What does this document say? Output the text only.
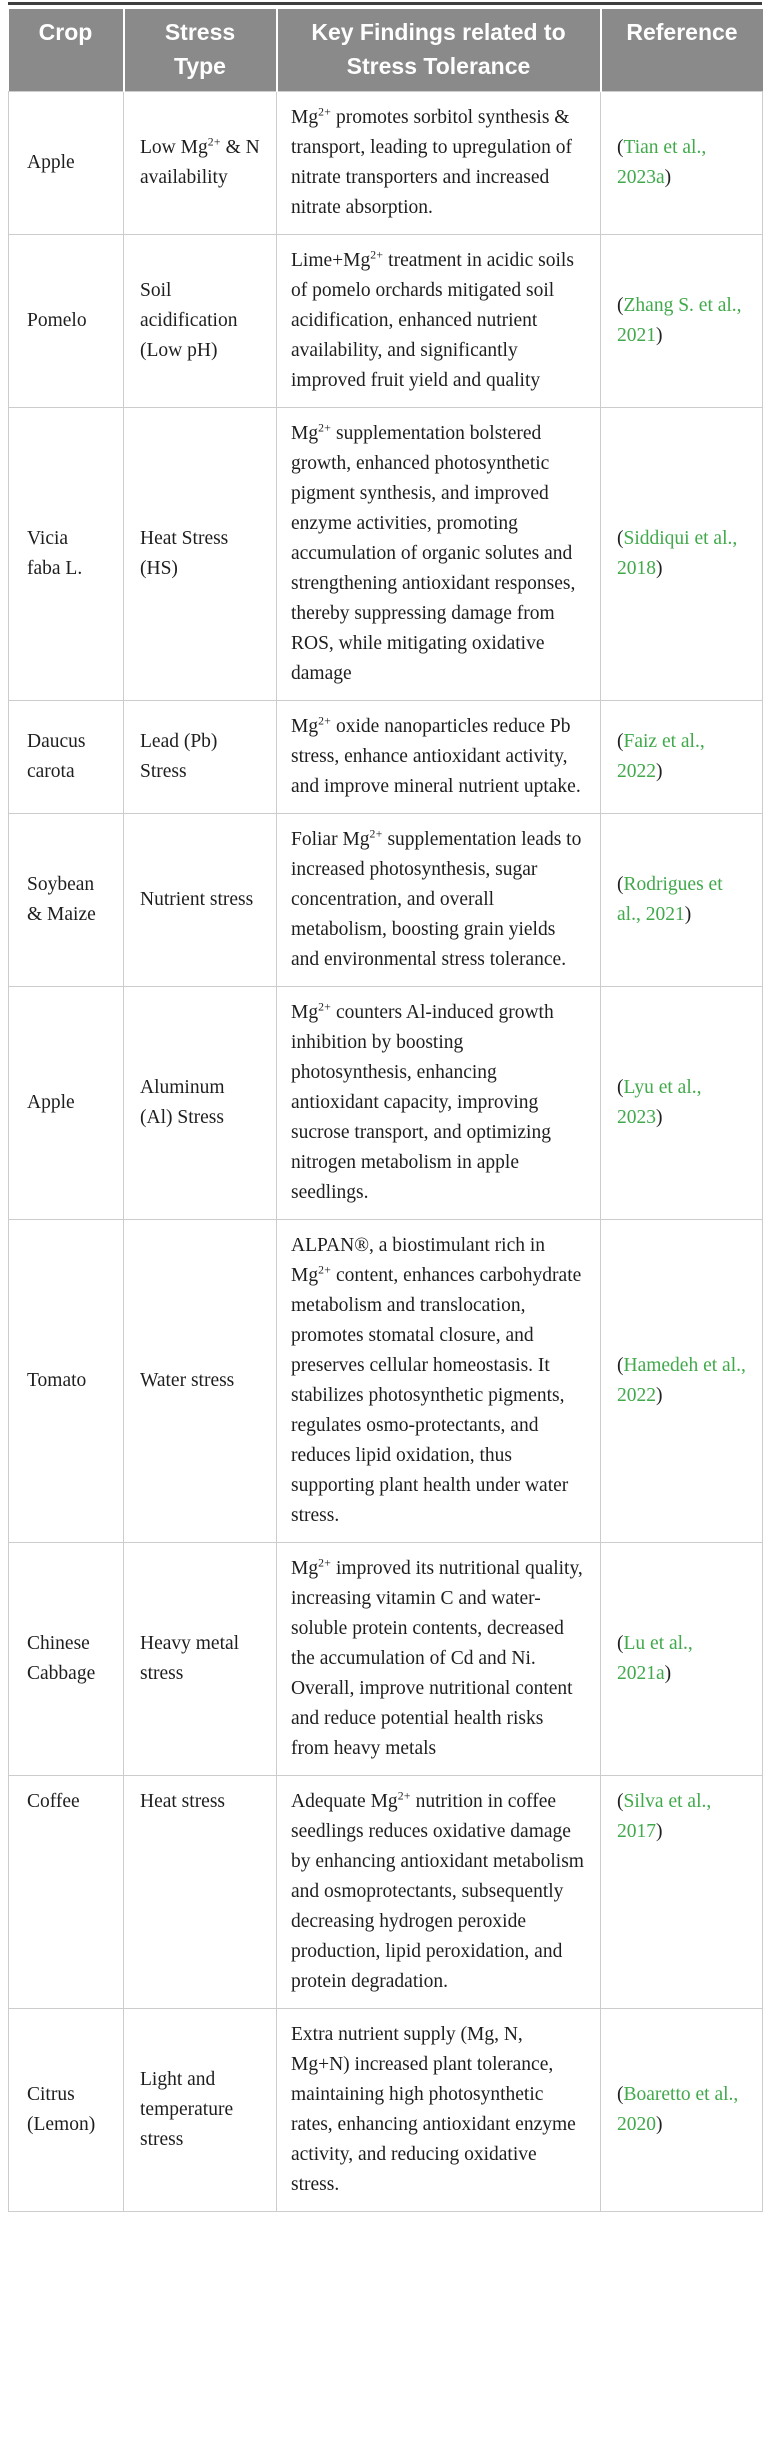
Crop	Stress Type	Key Findings related to Stress Tolerance	Reference
Apple	Low $Mg^{2+}$ & N availability	$Mg^{2+}$ promotes sorbitol synthesis & transport, leading to upregulation of nitrate transporters and increased nitrate absorption.	(Tian et al., 2023a)
Pomelo	Soil acidification (Low pH)	$Lime+Mg^{2+}$ treatment in acidic soils of pomelo orchards mitigated soil acidification, enhanced nutrient availability, and significantly improved fruit yield and quality	(Zhang S. et al., 2021)
Vicia faba L.	Heat Stress (HS)	$Mg^{2+}$ supplementation bolstered growth, enhanced photosynthetic pigment synthesis, and improved enzyme activities, promoting accumulation of organic solutes and strengthening antioxidant responses, thereby suppressing damage from ROS, while mitigating oxidative damage	(Siddiqui et al., 2018)
Daucus carota	Lead (Pb) Stress	$Mg^{2+}$ oxide nanoparticles reduce Pb stress, enhance antioxidant activity, and improve mineral nutrient uptake.	(Faiz et al., 2022)
Soybean & Maize	Nutrient stress	Foliar $Mg^{2+}$ supplementation leads to increased photosynthesis, sugar concentration, and overall metabolism, boosting grain yields and environmental stress tolerance.	(Rodrigues et al., 2021)
Apple	Aluminum (Al) Stress	$Mg^{2+}$ counters Al-induced growth inhibition by boosting photosynthesis, enhancing antioxidant capacity, improving sucrose transport, and optimizing nitrogen metabolism in apple seedlings.	(Lyu et al., 2023)
Tomato	Water stress	ALPAN®, a biostimulant rich in $Mg^{2+}$ content, enhances carbohydrate metabolism and translocation, promotes stomatal closure, and preserves cellular homeostasis. It stabilizes photosynthetic pigments, regulates osmo-protectants, and reduces lipid oxidation, thus supporting plant health under water stress.	(Hamedeh et al., 2022)
Chinese Cabbage	Heavy metal stress	$Mg^{2+}$ improved its nutritional quality, increasing vitamin C and water-soluble protein contents, decreased the accumulation of Cd and Ni. Overall, improve nutritional content and reduce potential health risks from heavy metals	(Lu et al., 2021a)
Coffee	Heat stress	Adequate $Mg^{2+}$ nutrition in coffee seedlings reduces oxidative damage by enhancing antioxidant metabolism and osmoprotectants, subsequently decreasing hydrogen peroxide production, lipid peroxidation, and protein degradation.	(Silva et al., 2017)
Citrus (Lemon)	Light and temperature stress	Extra nutrient supply (Mg, N, Mg+N) increased plant tolerance, maintaining high photosynthetic rates, enhancing antioxidant enzyme activity, and reducing oxidative stress.	(Boaretto et al., 2020)
